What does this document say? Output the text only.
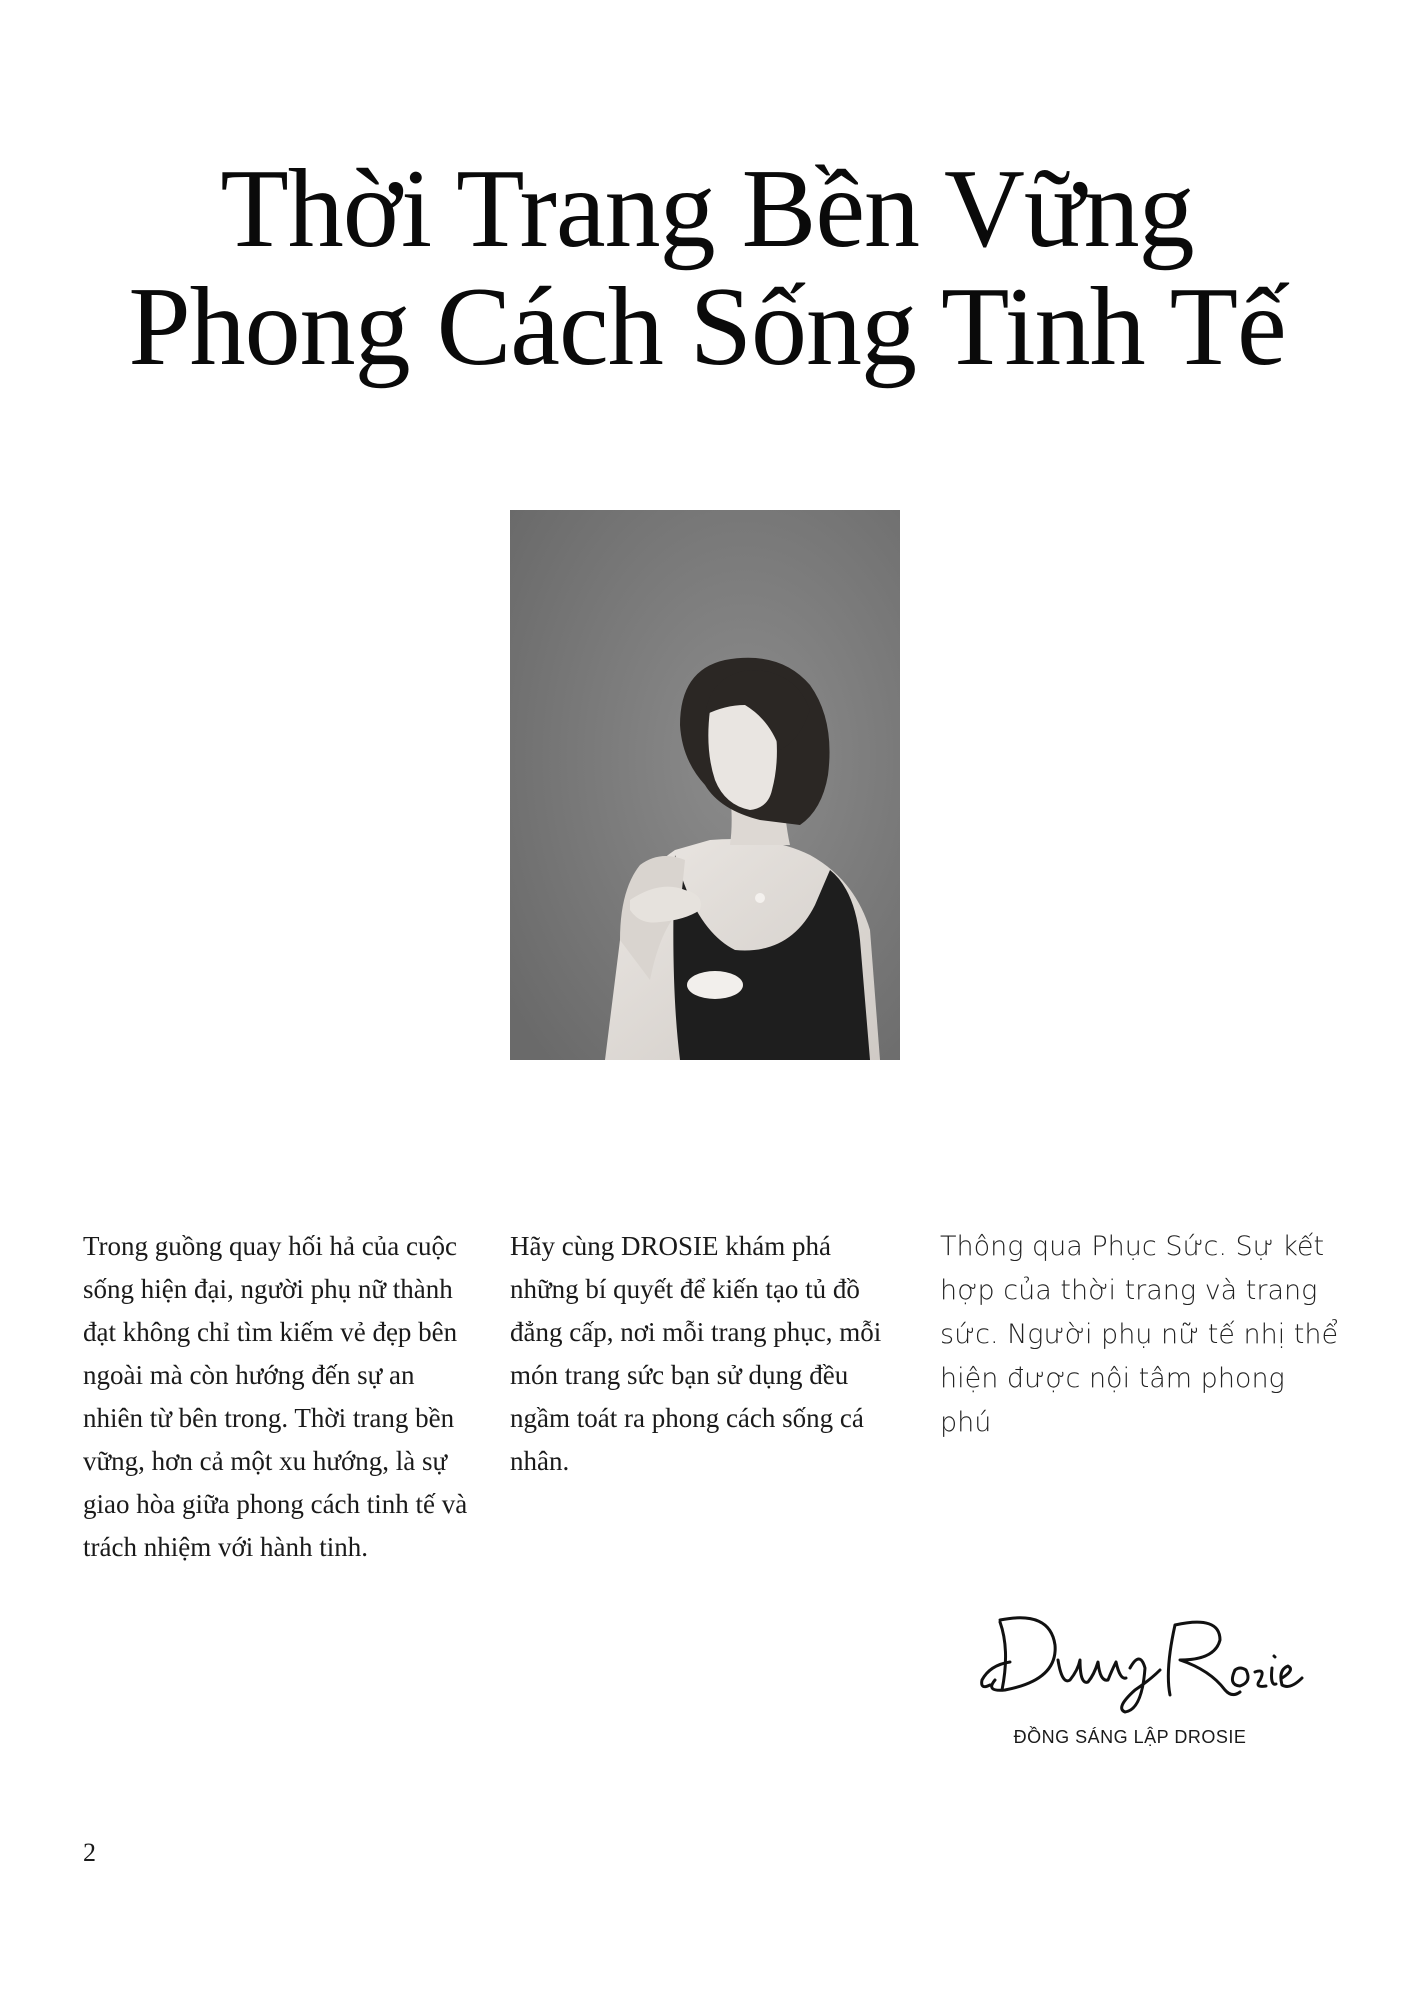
Thời Trang Bền Vững
Phong Cách Sống Tinh Tế

Trong guồng quay hối hả của cuộc sống hiện đại, người phụ nữ thành đạt không chỉ tìm kiếm vẻ đẹp bên ngoài mà còn hướng đến sự an nhiên từ bên trong. Thời trang bền vững, hơn cả một xu hướng, là sự giao hòa giữa phong cách tinh tế và trách nhiệm với hành tinh.

Hãy cùng DROSIE khám phá những bí quyết để kiến tạo tủ đồ đẳng cấp, nơi mỗi trang phục, mỗi món trang sức bạn sử dụng đều ngầm toát ra phong cách sống cá nhân.

Thông qua Phục Sức. Sự kết hợp của thời trang và trang sức. Người phụ nữ tế nhị thể hiện được nội tâm phong phú

ĐỒNG SÁNG LẬP DROSIE
2
